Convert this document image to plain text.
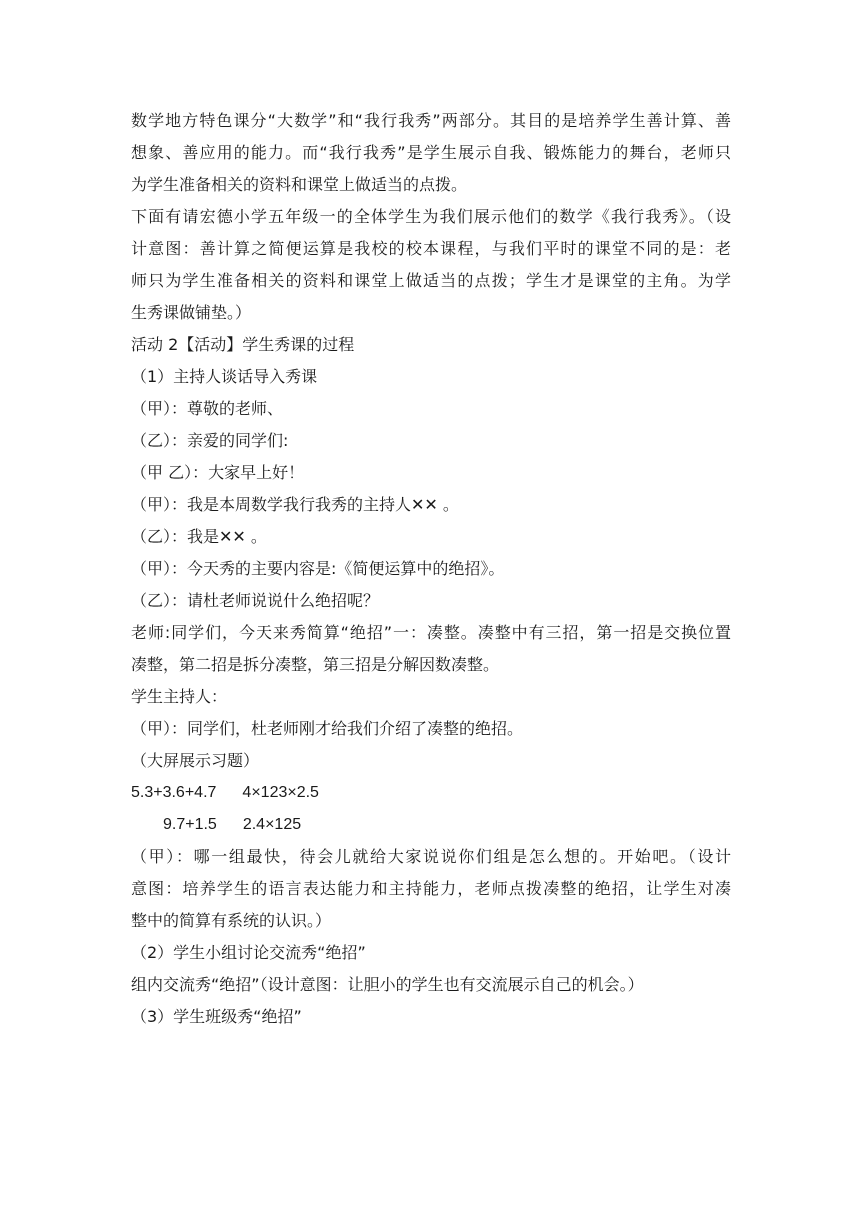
数学地方特色课分“大数学”和“我行我秀”两部分。其目的是培养学生善计算、善
想象、善应用的能力。而“我行我秀”是学生展示自我、锻炼能力的舞台，老师只
为学生准备相关的资料和课堂上做适当的点拨。
下面有请宏德小学五年级一的全体学生为我们展示他们的数学《我行我秀》。（设
计意图：善计算之简便运算是我校的校本课程，与我们平时的课堂不同的是：老
师只为学生准备相关的资料和课堂上做适当的点拨；学生才是课堂的主角。为学
生秀课做铺垫。）
活动 2【活动】学生秀课的过程
（1）主持人谈话导入秀课
（甲）：尊敬的老师、
（乙）：亲爱的同学们:
（甲 乙）：大家早上好！
（甲）：我是本周数学我行我秀的主持人✕✕ 。
（乙）：我是✕✕ 。
（甲）：今天秀的主要内容是:《简便运算中的绝招》。
（乙）：请杜老师说说什么绝招呢？
老师:同学们，今天来秀简算“绝招”一：凑整。凑整中有三招，第一招是交换位置
凑整，第二招是拆分凑整，第三招是分解因数凑整。
学生主持人：
（甲）：同学们，杜老师刚才给我们介绍了凑整的绝招。
（大屏展示习题）
5.3+3.6+4.7 4×123×2.5
9.7+1.5 2.4×125
（甲）：哪一组最快，待会儿就给大家说说你们组是怎么想的。开始吧。（设计
意图：培养学生的语言表达能力和主持能力，老师点拨凑整的绝招，让学生对凑
整中的简算有系统的认识。）
（2）学生小组讨论交流秀“绝招”
组内交流秀“绝招”（设计意图：让胆小的学生也有交流展示自己的机会。）
（3）学生班级秀“绝招”
